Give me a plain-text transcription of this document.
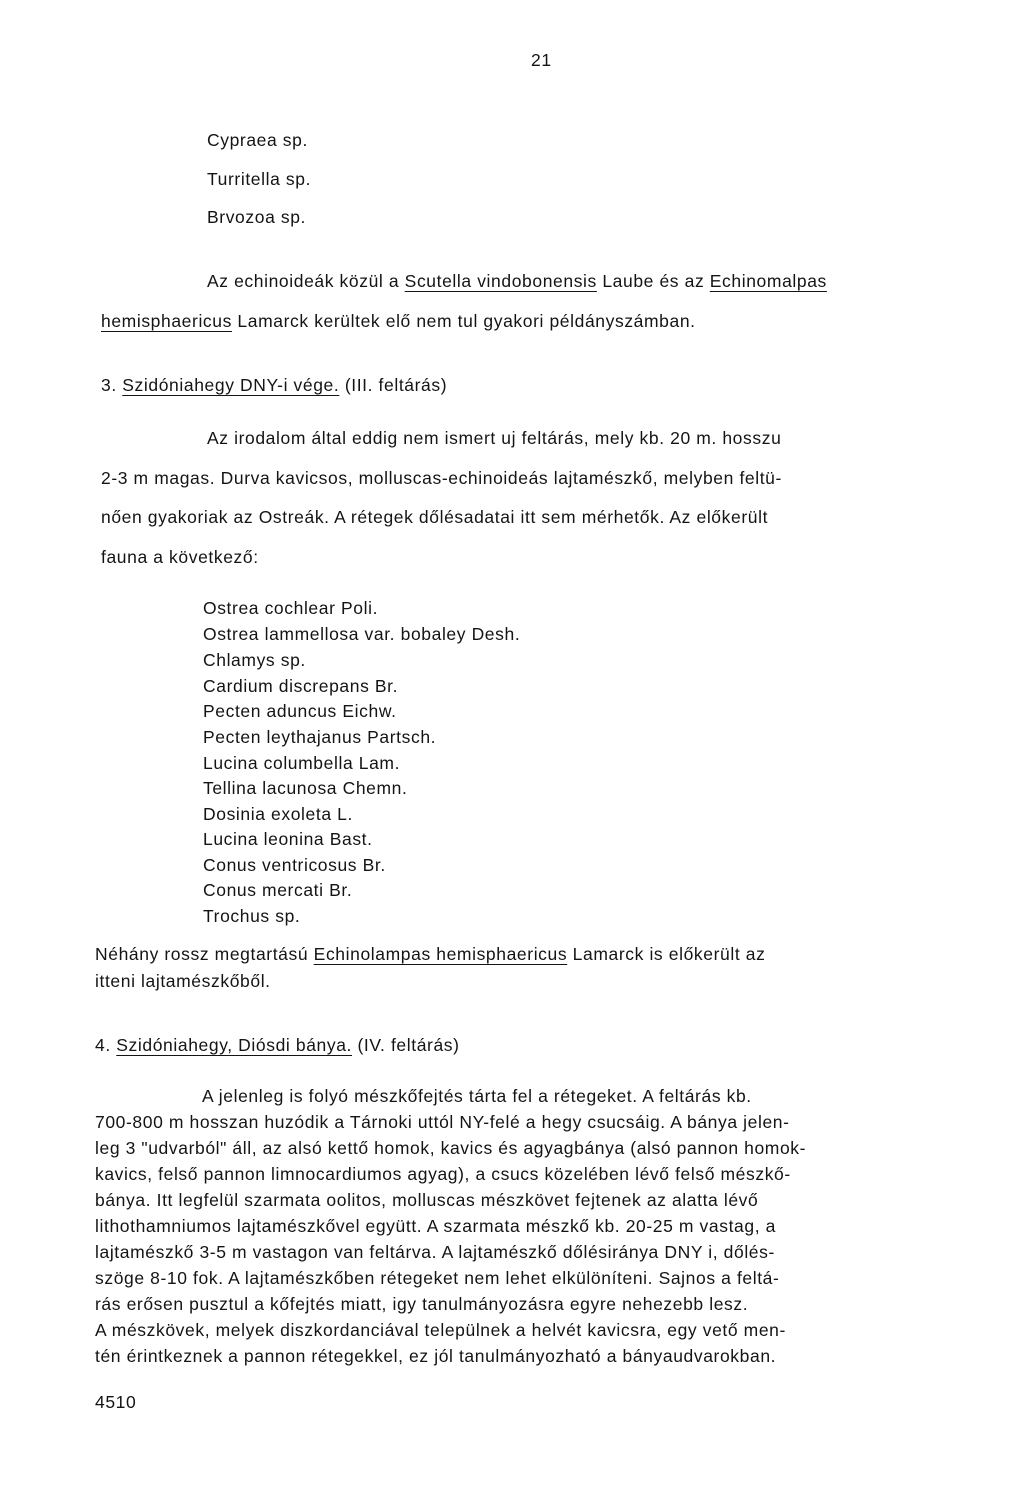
21
Cypraea sp.
Turritella sp.
Brvozoa sp.
Az echinoideák közül a Scutella vindobonensis Laube és az Echinomalpas
hemisphaericus Lamarck kerültek elő nem tul gyakori példányszámban.
3. Szidóniahegy DNY-i vége. (III. feltárás)
Az irodalom által eddig nem ismert uj feltárás, mely kb. 20 m. hosszu
2-3 m magas. Durva kavicsos, molluscas-echinoideás lajtamészkő, melyben feltü-
nően gyakoriak az Ostreák. A rétegek dőlésadatai itt sem mérhetők. Az előkerült
fauna a következő:
Ostrea cochlear Poli.
Ostrea lammellosa var. bobaley Desh.
Chlamys sp.
Cardium discrepans Br.
Pecten aduncus Eichw.
Pecten leythajanus Partsch.
Lucina columbella Lam.
Tellina lacunosa Chemn.
Dosinia exoleta L.
Lucina leonina Bast.
Conus ventricosus Br.
Conus mercati Br.
Trochus sp.
Néhány rossz megtartású Echinolampas hemisphaericus Lamarck is előkerült az
itteni lajtamészkőből.
4. Szidóniahegy, Diósdi bánya. (IV. feltárás)
A jelenleg is folyó mészkőfejtés tárta fel a rétegeket. A feltárás kb.
700-800 m hosszan huzódik a Tárnoki uttól NY-felé a hegy csucsáig. A bánya jelen-
leg 3 "udvarból" áll, az alsó kettő homok, kavics és agyagbánya (alsó pannon homok-
kavics, felső pannon limnocardiumos agyag), a csucs közelében lévő felső mészkő-
bánya. Itt legfelül szarmata oolitos, molluscas mészkövet fejtenek az alatta lévő
lithothamniumos lajtamészkővel együtt. A szarmata mészkő kb. 20-25 m vastag, a
lajtamészkő 3-5 m vastagon van feltárva. A lajtamészkő dőlésiránya DNY i, dőlés-
szöge 8-10 fok. A lajtamészkőben rétegeket nem lehet elkülöníteni. Sajnos a feltá-
rás erősen pusztul a kőfejtés miatt, igy tanulmányozásra egyre nehezebb lesz.
A mészkövek, melyek diszkordanciával települnek a helvét kavicsra, egy vető men-
tén érintkeznek a pannon rétegekkel, ez jól tanulmányozható a bányaudvarokban.
4510
